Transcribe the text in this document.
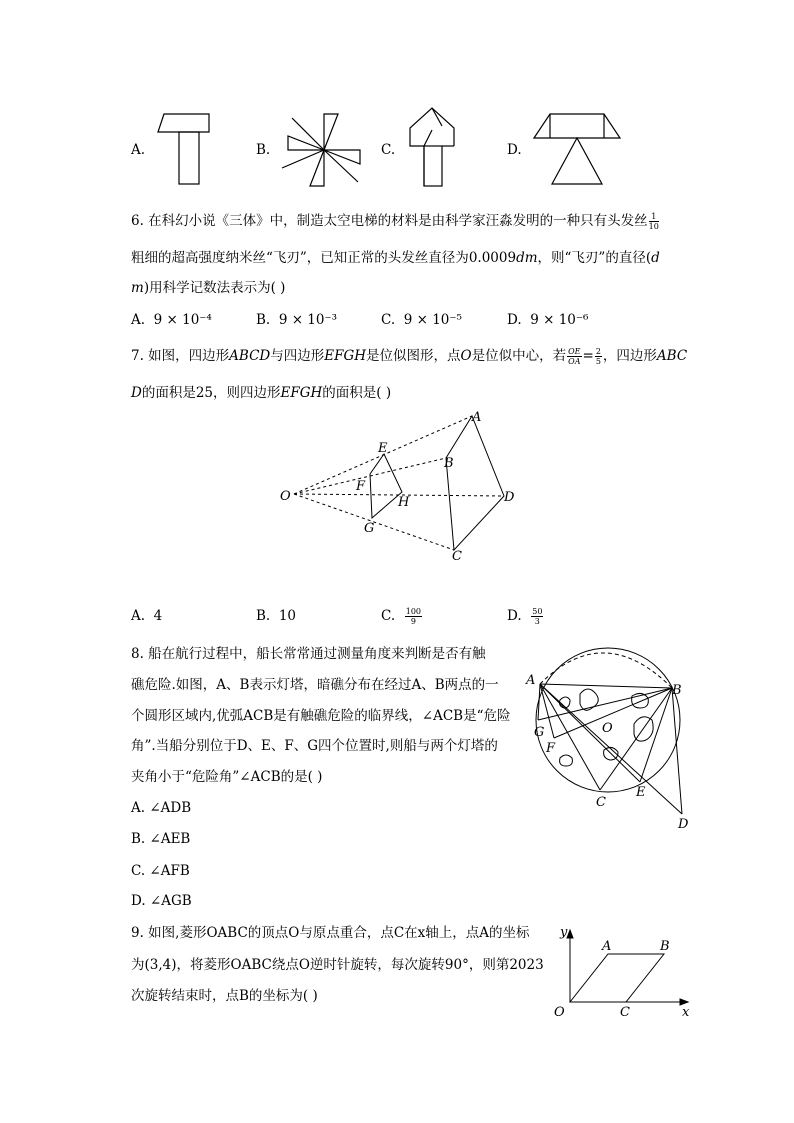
A.	B.	C.	D.
6. 在科幻小说《三体》中，制造太空电梯的材料是由科学家汪淼发明的一种只有头发丝 $\frac{1}{10}$
粗细的超高强度纳米丝“飞刃”，已知正常的头发丝直径为0.0009dm，则“飞刃”的直径(d
m)用科学记数法表示为( )
A. 9 × 10⁻⁴	B. 9 × 10⁻³	C. 9 × 10⁻⁵	D. 9 × 10⁻⁶
7. 如图，四边形ABCD与四边形EFGH是位似图形，点O是位似中心，若 $\frac{OE}{OA} = \frac{2}{5}$ ，四边形ABC
D的面积是25，则四边形EFGH的面积是( )
A
B
C
D
E
F
G
H
O
A. 4	B. 10	C. $\frac{100}{9}$	D. $\frac{50}{3}$
8. 船在航行过程中，船长常常通过测量角度来判断是否有触
礁危险.如图，A、B表示灯塔，暗礁分布在经过A、B两点的一
个圆形区域内,优弧ACB是有触礁危险的临界线，∠ACB是“危险
角”.当船分别位于D、E、F、G四个位置时,则船与两个灯塔的
夹角小于“危险角”∠ACB的是( )
A. ∠ADB
B. ∠AEB
C. ∠AFB
D. ∠AGB
A
B
C
D
E
F
G	O
9. 如图,菱形OABC的顶点O与原点重合，点C在x轴上，点A的坐标
为(3,4)，将菱形OABC绕点O逆时针旋转，每次旋转90°，则第2023
次旋转结束时，点B的坐标为( )
y
x
A	B
O	C
